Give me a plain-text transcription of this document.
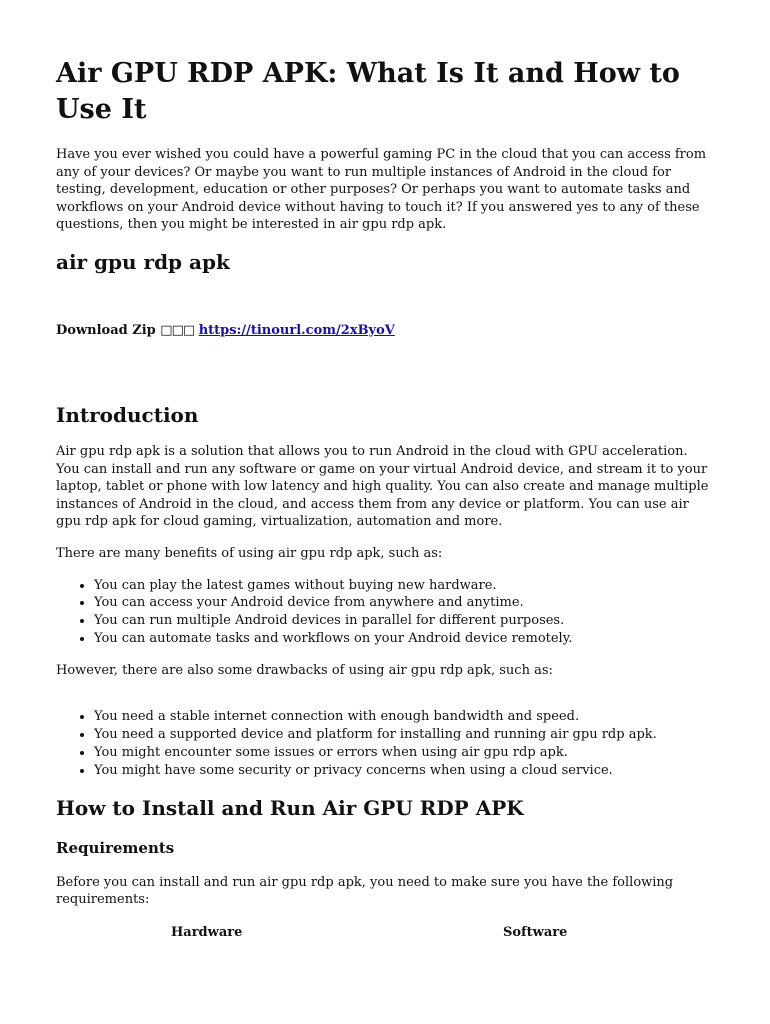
Air GPU RDP APK: What Is It and How to Use It

Have you ever wished you could have a powerful gaming PC in the cloud that you can access from any of your devices? Or maybe you want to run multiple instances of Android in the cloud for testing, development, education or other purposes? Or perhaps you want to automate tasks and workflows on your Android device without having to touch it? If you answered yes to any of these questions, then you might be interested in air gpu rdp apk.

air gpu rdp apk
Download Zip □□□ https://tinourl.com/2xByoV
Introduction

Air gpu rdp apk is a solution that allows you to run Android in the cloud with GPU acceleration. You can install and run any software or game on your virtual Android device, and stream it to your laptop, tablet or phone with low latency and high quality. You can also create and manage multiple instances of Android in the cloud, and access them from any device or platform. You can use air gpu rdp apk for cloud gaming, virtualization, automation and more.

There are many benefits of using air gpu rdp apk, such as:

• You can play the latest games without buying new hardware.
• You can access your Android device from anywhere and anytime.
• You can run multiple Android devices in parallel for different purposes.
• You can automate tasks and workflows on your Android device remotely.

However, there are also some drawbacks of using air gpu rdp apk, such as:

• You need a stable internet connection with enough bandwidth and speed.
• You need a supported device and platform for installing and running air gpu rdp apk.
• You might encounter some issues or errors when using air gpu rdp apk.
• You might have some security or privacy concerns when using a cloud service.
How to Install and Run Air GPU RDP APK
Requirements

Before you can install and run air gpu rdp apk, you need to make sure you have the following requirements:

Hardware	Software
